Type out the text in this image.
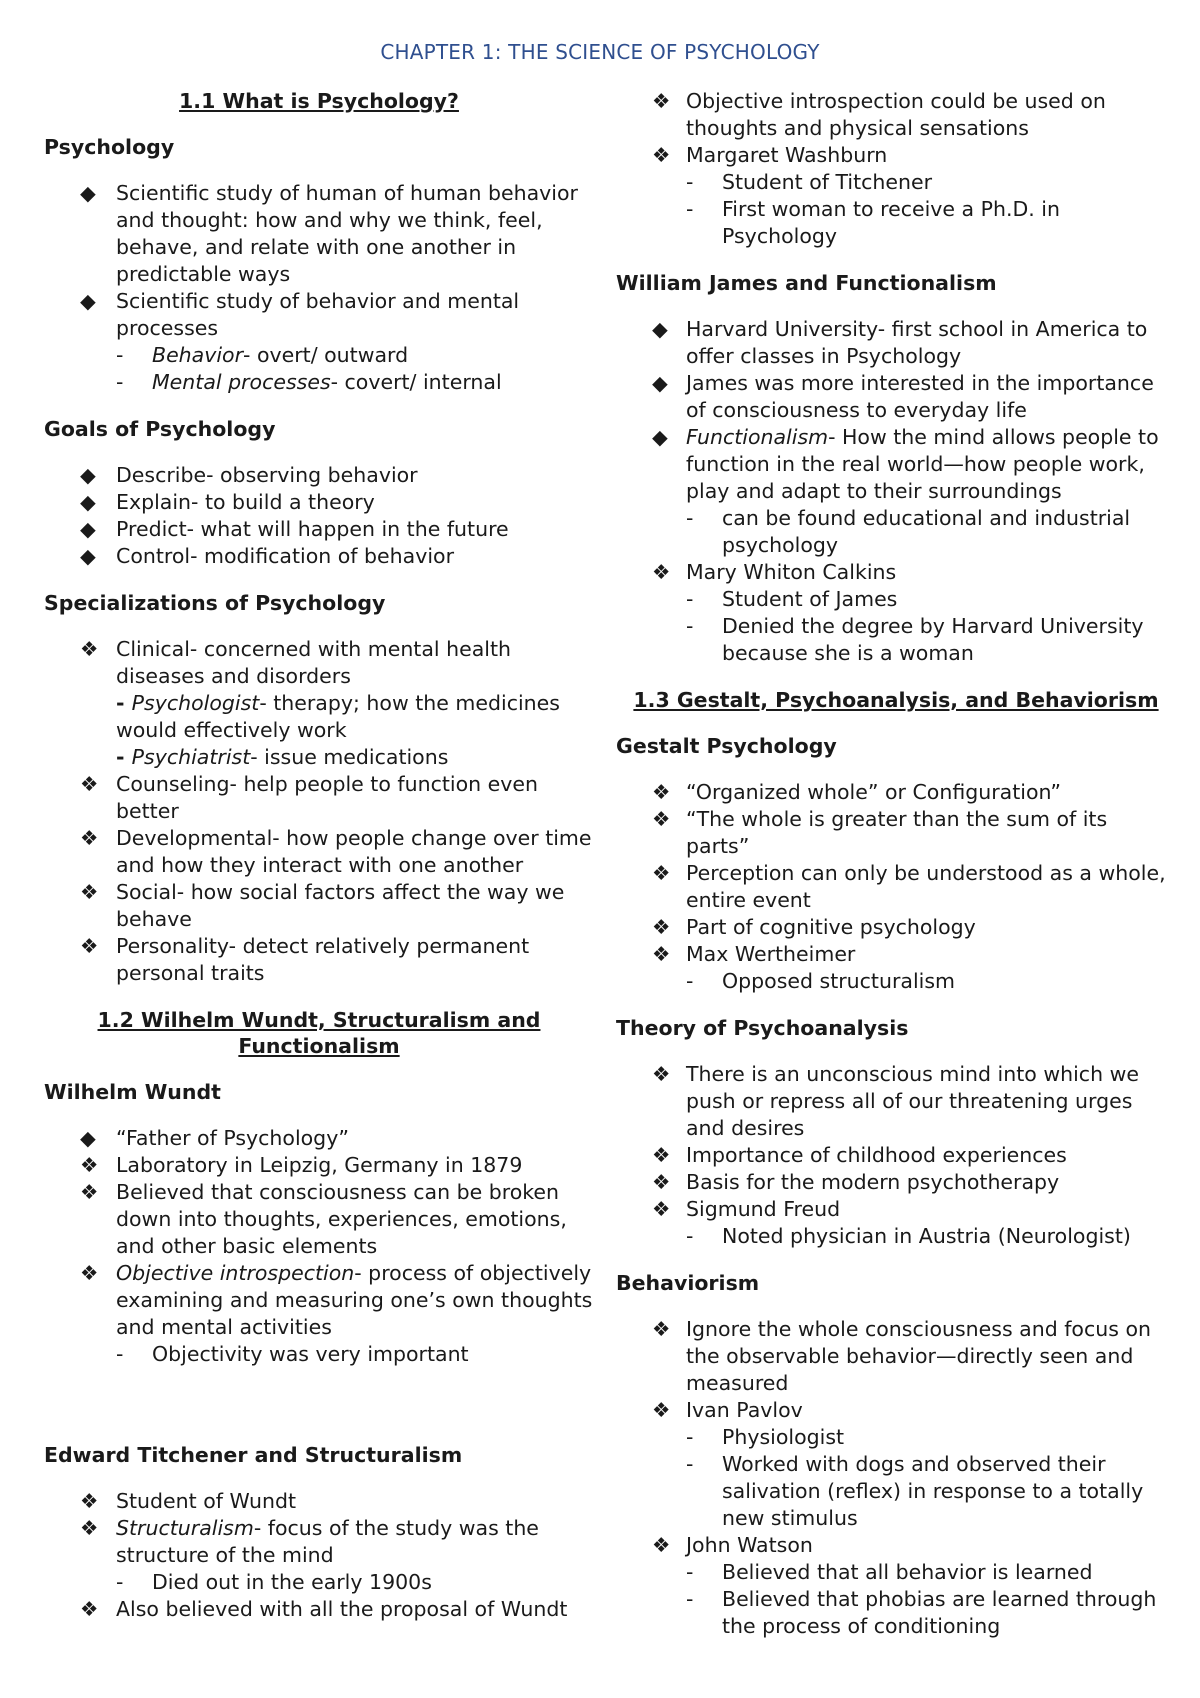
CHAPTER 1: THE SCIENCE OF PSYCHOLOGY
1.1 What is Psychology?
Psychology
◆ Scientific study of human of human behavior and thought: how and why we think, feel, behave, and relate with one another in predictable ways
◆ Scientific study of behavior and mental processes
- Behavior- overt/ outward
- Mental processes- covert/ internal
Goals of Psychology
◆ Describe- observing behavior
◆ Explain- to build a theory
◆ Predict- what will happen in the future
◆ Control- modification of behavior
Specializations of Psychology
❖ Clinical- concerned with mental health diseases and disorders
- Psychologist- therapy; how the medicines would effectively work
- Psychiatrist- issue medications
❖ Counseling- help people to function even better
❖ Developmental- how people change over time and how they interact with one another
❖ Social- how social factors affect the way we behave
❖ Personality- detect relatively permanent personal traits
1.2 Wilhelm Wundt, Structuralism and Functionalism
Wilhelm Wundt
◆ “Father of Psychology”
❖ Laboratory in Leipzig, Germany in 1879
❖ Believed that consciousness can be broken down into thoughts, experiences, emotions, and other basic elements
❖ Objective introspection- process of objectively examining and measuring one’s own thoughts and mental activities
- Objectivity was very important
Edward Titchener and Structuralism
❖ Student of Wundt
❖ Structuralism- focus of the study was the structure of the mind
- Died out in the early 1900s
❖ Also believed with all the proposal of Wundt
❖ Objective introspection could be used on thoughts and physical sensations
❖ Margaret Washburn
- Student of Titchener
- First woman to receive a Ph.D. in Psychology
William James and Functionalism
◆ Harvard University- first school in America to offer classes in Psychology
◆ James was more interested in the importance of consciousness to everyday life
◆ Functionalism- How the mind allows people to function in the real world—how people work, play and adapt to their surroundings
- can be found educational and industrial psychology
❖ Mary Whiton Calkins
- Student of James
- Denied the degree by Harvard University because she is a woman
1.3 Gestalt, Psychoanalysis, and Behaviorism
Gestalt Psychology
❖ “Organized whole” or Configuration”
❖ “The whole is greater than the sum of its parts”
❖ Perception can only be understood as a whole, entire event
❖ Part of cognitive psychology
❖ Max Wertheimer
- Opposed structuralism
Theory of Psychoanalysis
❖ There is an unconscious mind into which we push or repress all of our threatening urges and desires
❖ Importance of childhood experiences
❖ Basis for the modern psychotherapy
❖ Sigmund Freud
- Noted physician in Austria (Neurologist)
Behaviorism
❖ Ignore the whole consciousness and focus on the observable behavior—directly seen and measured
❖ Ivan Pavlov
- Physiologist
- Worked with dogs and observed their salivation (reflex) in response to a totally new stimulus
❖ John Watson
- Believed that all behavior is learned
- Believed that phobias are learned through the process of conditioning
